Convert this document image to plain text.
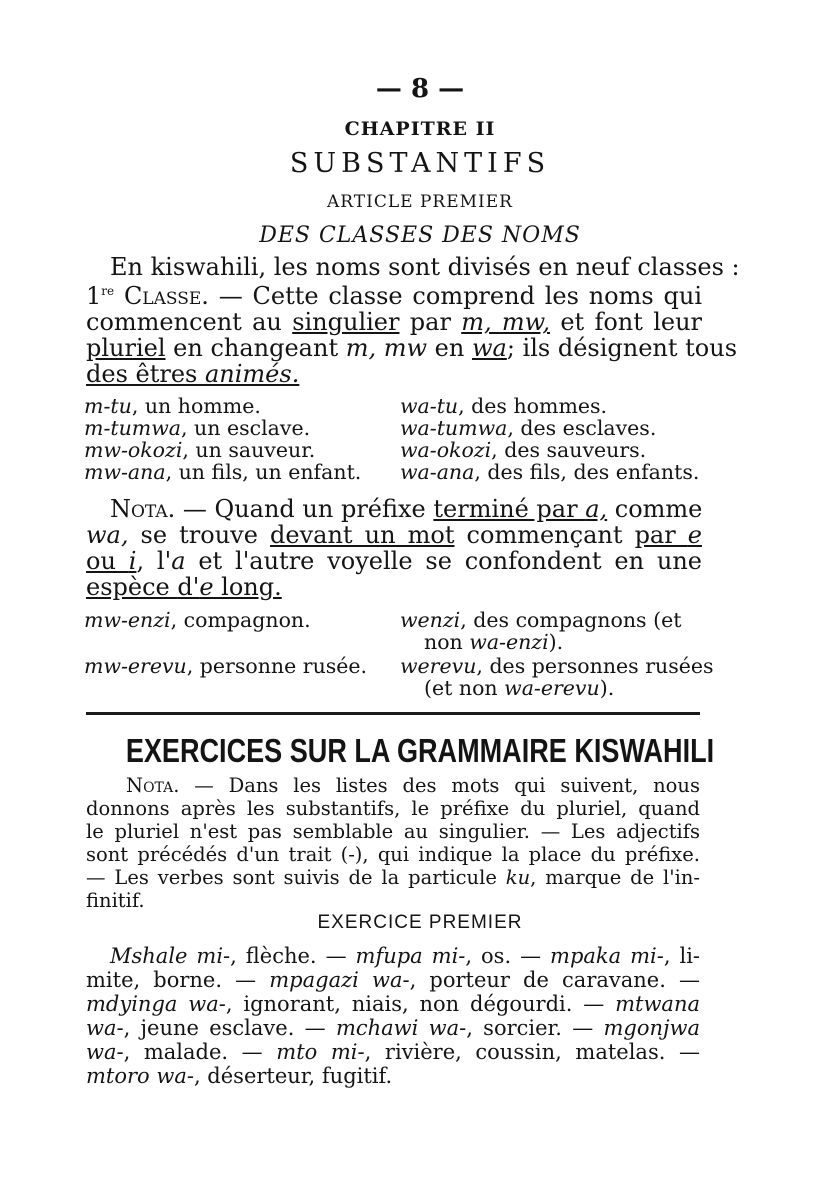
— 8 —
CHAPITRE II
SUBSTANTIFS
ARTICLE PREMIER
DES CLASSES DES NOMS
En kiswahili, les noms sont divisés en neuf classes :
1re Classe. — Cette classe comprend les noms qui
commencent au singulier par m, mw, et font leur
pluriel en changeant m, mw en wa; ils désignent tous
des êtres animés.
m-tu, un homme.	wa-tu, des hommes.
m-tumwa, un esclave.	wa-tumwa, des esclaves.
mw-okozi, un sauveur.	wa-okozi, des sauveurs.
mw-ana, un fils, un enfant. wa-ana, des fils, des enfants.
Nota. — Quand un préfixe terminé par a, comme
wa, se trouve devant un mot commençant par e
ou i, l'a et l'autre voyelle se confondent en une
espèce d'e long.
mw-enzi, compagnon.	wenzi, des compagnons (et
non wa-enzi).
mw-erevu, personne rusée. werevu, des personnes rusées
(et non wa-erevu).
EXERCICES SUR LA GRAMMAIRE KISWAHILI
Nota. — Dans les listes des mots qui suivent, nous
donnons après les substantifs, le préfixe du pluriel, quand
le pluriel n'est pas semblable au singulier. — Les adjectifs
sont précédés d'un trait (-), qui indique la place du préfixe.
— Les verbes sont suivis de la particule ku, marque de l'in-
finitif.
EXERCICE PREMIER
Mshale mi-, flèche. — mfupa mi-, os. — mpaka mi-, li-
mite, borne. — mpagazi wa-, porteur de caravane. —
mdyinga wa-, ignorant, niais, non dégourdi. — mtwana
wa-, jeune esclave. — mchawi wa-, sorcier. — mgonjwa
wa-, malade. — mto mi-, rivière, coussin, matelas. —
mtoro wa-, déserteur, fugitif.
